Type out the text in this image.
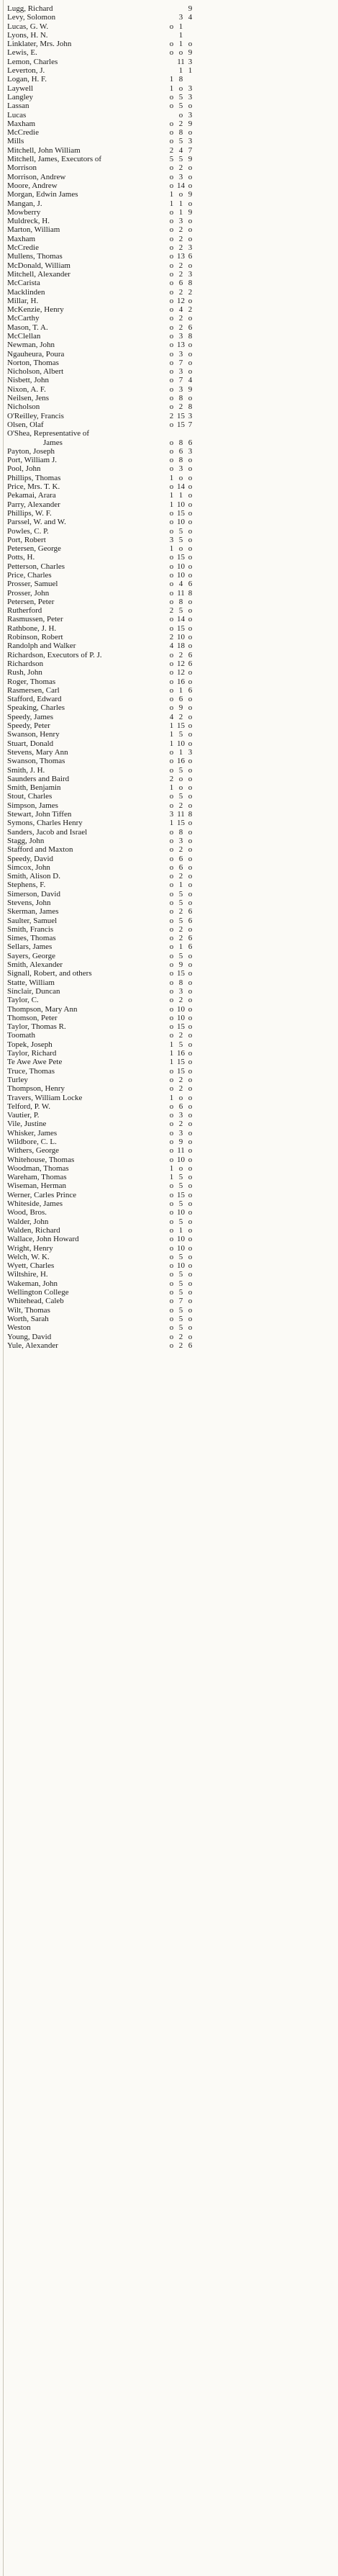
Lugg, Richard	9
Levy, Solomon	3 4
Lucas, G. W.	o 1
Lyons, H. N.	1
Linklater, Mrs. John	o 1 o
Lewis, E.	o o 9
Lemon, Charles	11 3
Leverton, J.	1 1
Logan, H. F.	1 8
Laywell	1 o 3
Langley	o 5 3
Lassan	o 5 o
Lucas	o 3
Maxham	o 2 9
McCredie	o 8 o
Mills	o 5 3
Mitchell, John William	2 4 7
Mitchell, James, Executors of	5 5 9
Morrison	o 2 o
Morrison, Andrew	o 3 o
Moore, Andrew	o 14 o
Morgan, Edwin James	1 o 9
Mangan, J.	1 1 o
Mowberry	o 1 9
Muldreck, H.	o 3 o
Marton, William	o 2 o
Maxham	o 2 o
McCredie	o 2 3
Mullens, Thomas	o 13 6
McDonald, William	o 2 o
Mitchell, Alexander	o 2 3
McCarista	o 6 8
Macklinden	o 2 2
Millar, H.	o 12 o
McKenzie, Henry	o 4 2
McCarthy	o 2 o
Mason, T. A.	o 2 6
McClellan	o 3 8
Newman, John	o 13 o
Ngauheura, Poura	o 3 o
Norton, Thomas	o 7 o
Nicholson, Albert	o 3 o
Nisbett, John	o 7 4
Nixon, A. F.	o 3 9
Neilsen, Jens	o 8 o
Nicholson	o 2 8
O'Reilley, Francis	2 15 3
Olsen, Olaf	o 15 7
O'Shea, Representative of
James	o 8 6
Payton, Joseph	o 6 3
Port, William J.	o 8 o
Pool, John	o 3 o
Phillips, Thomas	1 o o
Price, Mrs. T. K.	o 14 o
Pekamai, Arara	1 1 o
Parry, Alexander	1 10 o
Phillips, W. F.	o 15 o
Parssel, W. and W.	o 10 o
Powles, C. P.	o 5 o
Port, Robert	3 5 o
Petersen, George	1 o o
Potts, H.	o 15 o
Petterson, Charles	o 10 o
Price, Charles	o 10 o
Prosser, Samuel	o 4 6
Prosser, John	o 11 8
Petersen, Peter	o 8 o
Rutherford	2 5 o
Rasmussen, Peter	o 14 o
Rathbone, J. H.	o 15 o
Robinson, Robert	2 10 o
Randolph and Walker	4 18 o
Richardson, Executors of P. J.	o 2 6
Richardson	o 12 6
Rush, John	o 12 o
Roger, Thomas	o 16 o
Rasmersen, Carl	o 1 6
Stafford, Edward	o 6 o
Speaking, Charles	o 9 o
Speedy, James	4 2 o
Speedy, Peter	1 15 o
Swanson, Henry	1 5 o
Stuart, Donald	1 10 o
Stevens, Mary Ann	o 1 3
Swanson, Thomas	o 16 o
Smith, J. H.	o 5 o
Saunders and Baird	2 o o
Smith, Benjamin	1 o o
Stout, Charles	o 5 o
Simpson, James	o 2 o
Stewart, John Tiffen	3 11 8
Symons, Charles Henry	1 15 o
Sanders, Jacob and Israel	o 8 o
Stagg, John	o 3 o
Stafford and Maxton	o 2 o
Speedy, David	o 6 o
Simcox, John	o 6 o
Smith, Alison D.	o 2 o
Stephens, F.	o 1 o
Simerson, David	o 5 o
Stevens, John	o 5 o
Skerman, James	o 2 6
Saulter, Samuel	o 5 6
Smith, Francis	o 2 o
Simes, Thomas	o 2 6
Sellars, James	o 1 6
Sayers, George	o 5 o
Smith, Alexander	o 9 o
Signall, Robert, and others	o 15 o
Statte, William	o 8 o
Sinclair, Duncan	o 3 o
Taylor, C.	o 2 o
Thompson, Mary Ann	o 10 o
Thomson, Peter	o 10 o
Taylor, Thomas R.	o 15 o
Toomath	o 2 o
Topek, Joseph	1 5 o
Taylor, Richard	1 16 o
Te Awe Awe Pete	1 15 o
Truce, Thomas	o 15 o
Turley	o 2 o
Thompson, Henry	o 2 o
Travers, William Locke	1 o o
Telford, P. W.	o 6 o
Vautier, P.	o 3 o
Vile, Justine	o 2 o
Whisker, James	o 3 o
Wildbore, C. L.	o 9 o
Withers, George	o 11 o
Whitehouse, Thomas	o 10 o
Woodman, Thomas	1 o o
Wareham, Thomas	1 5 o
Wiseman, Herman	o 5 o
Werner, Carles Prince	o 15 o
Whiteside, James	o 5 o
Wood, Bros.	o 10 o
Walder, John	o 5 o
Walden, Richard	o 1 o
Wallace, John Howard	o 10 o
Wright, Henry	o 10 o
Welch, W. K.	o 5 o
Wyett, Charles	o 10 o
Wiltshire, H.	o 5 o
Wakeman, John	o 5 o
Wellington College	o 5 o
Whitehead, Caleb	o 7 o
Wilt, Thomas	o 5 o
Worth, Sarah	o 5 o
Weston	o 5 o
Young, David	o 2 o
Yule, Alexander	o 2 6
